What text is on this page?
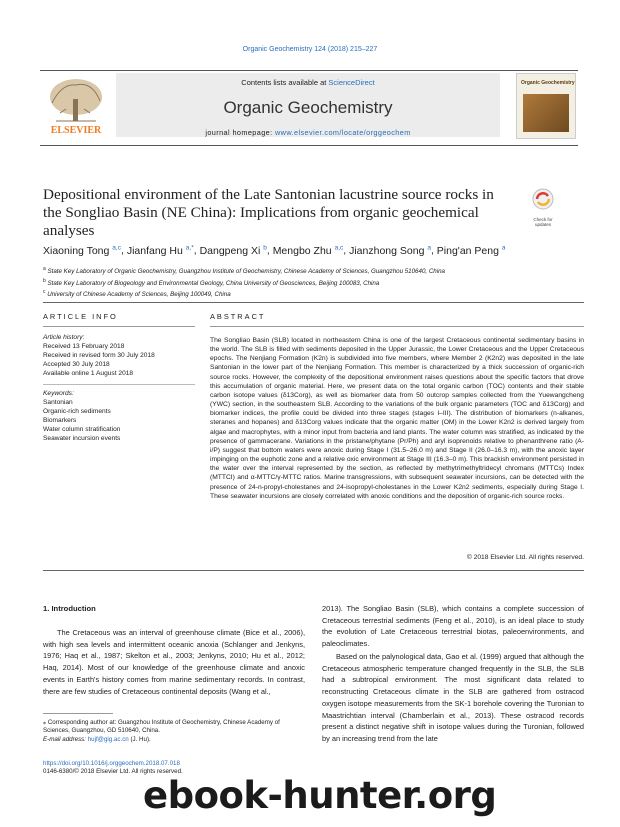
Organic Geochemistry 124 (2018) 215–227
ELSEVIER
Contents lists available at ScienceDirect
Organic Geochemistry
journal homepage: www.elsevier.com/locate/orggeochem
Organic Geochemistry
Depositional environment of the Late Santonian lacustrine source rocks in the Songliao Basin (NE China): Implications from organic geochemical analyses
Check for updates
Xiaoning Tong $^{a,c}$, Jianfang Hu $^{a,*}$, Dangpeng Xi $^b$, Mengbo Zhu $^{a,c}$, Jianzhong Song $^a$, Ping'an Peng $^a$
$^a$ State Key Laboratory of Organic Geochemistry, Guangzhou Institute of Geochemistry, Chinese Academy of Sciences, Guangzhou 510640, China
$^b$ State Key Laboratory of Biogeology and Environmental Geology, China University of Geosciences, Beijing 100083, China
$^c$ University of Chinese Academy of Sciences, Beijing 100049, China
ARTICLE INFO
Article history:
Received 13 February 2018
Received in revised form 30 July 2018
Accepted 30 July 2018
Available online 1 August 2018
Keywords:
Santonian
Organic-rich sediments
Biomarkers
Water column stratification
Seawater incursion events
ABSTRACT
The Songliao Basin (SLB) located in northeastern China is one of the largest Cretaceous continental sedimentary basins in the world. The SLB is filled with sediments deposited in the Upper Jurassic, the Lower Cretaceous and the Upper Cretaceous epochs. The Nenjiang Formation (K2n) is subdivided into five members, where Member 2 (K2n2) was deposited in the late Santonian in the lower part of the Nenjiang Formation. This member is characterized by a thick succession of organic-rich source rocks. However, the complexity of the depositional environment raises questions about the specific factors that drove this accumulation of organic material. Here, we present data on the total organic carbon (TOC) contents and their stable carbon isotope values (δ13Corg), as well as biomarker data from 50 outcrop samples collected from the Yuewangcheng (YWC) section, in the southeastern SLB. According to the variations of the bulk organic parameters (TOC and δ13Corg) and biomarker indices, the profile could be divided into three stages (stages I–III). The distribution of biomarkers (n-alkanes, steranes and hopanes) and δ13Corg values indicate that the organic matter (OM) in the Lower K2n2 is derived largely from algae and macrophytes, with a minor input from bacteria and land plants. The water column was stratified, as indicated by the presence of gammacerane. Variations in the pristane/phytane (Pr/Ph) and aryl isoprenoids relative to phenanthrene ratio (A-i/P) suggest that bottom waters were anoxic during Stage I (31.5–26.0 m) and Stage II (26.0–16.3 m), with the anoxic layer impinging on the euphotic zone and a relative oxic environment at Stage III (16.3–0 m). This brackish environment persisted in the water over the interval represented by the section, as reflected by methytrimethyltridecyl chromans (MTTCs) Index (MTTCI) and α-MTTC/γ-MTTC ratios. Marine transgressions, with subsequent seawater incursions, can be detected with the presence of 24-n-propyl-cholestanes and 24-isopropyl-cholestanes in the Lower K2n2 sediments, especially during Stage I. These seawater incursions are closely correlated with anoxic conditions and the deposition of organic-rich source rocks.
© 2018 Elsevier Ltd. All rights reserved.
1. Introduction
The Cretaceous was an interval of greenhouse climate (Bice et al., 2006), with high sea levels and intermittent oceanic anoxia (Schlanger and Jenkyns, 1976; Haq et al., 1987; Skelton et al., 2003; Jenkyns, 2010; Hu et al., 2012; Haq, 2014). Most of our knowledge of the greenhouse climate and anoxic events in Earth's history comes from marine sedimentary records. In contrast, there are few studies of Cretaceous continental deposits (Wang et al.,
2013). The Songliao Basin (SLB), which contains a complete succession of Cretaceous terrestrial sediments (Feng et al., 2010), is an ideal place to study the evolution of Late Cretaceous terrestrial biotas, paleoenvironments, and paleoclimates.
Based on the palynological data, Gao et al. (1999) argued that although the Cretaceous atmospheric temperature changed frequently in the SLB, the SLB had a subtropical environment. The most significant data related to reconstructing Cretaceous climate in the SLB are gathered from ostracod oxygen isotope measurements from the SK-1 borehole covering the Turonian to Maastrichtian interval (Chamberlain et al., 2013). These ostracod records present a distinct negative shift in isotope values during the Turonian, followed by an increasing trend from the late
⁎ Corresponding author at: Guangzhou Institute of Geochemistry, Chinese Academy of Sciences, Guangzhou, GD 510640, China.
E-mail address: hujf@gig.ac.cn (J. Hu).
https://doi.org/10.1016/j.orggeochem.2018.07.018
0146-6380/© 2018 Elsevier Ltd. All rights reserved.
ebook-hunter.org
